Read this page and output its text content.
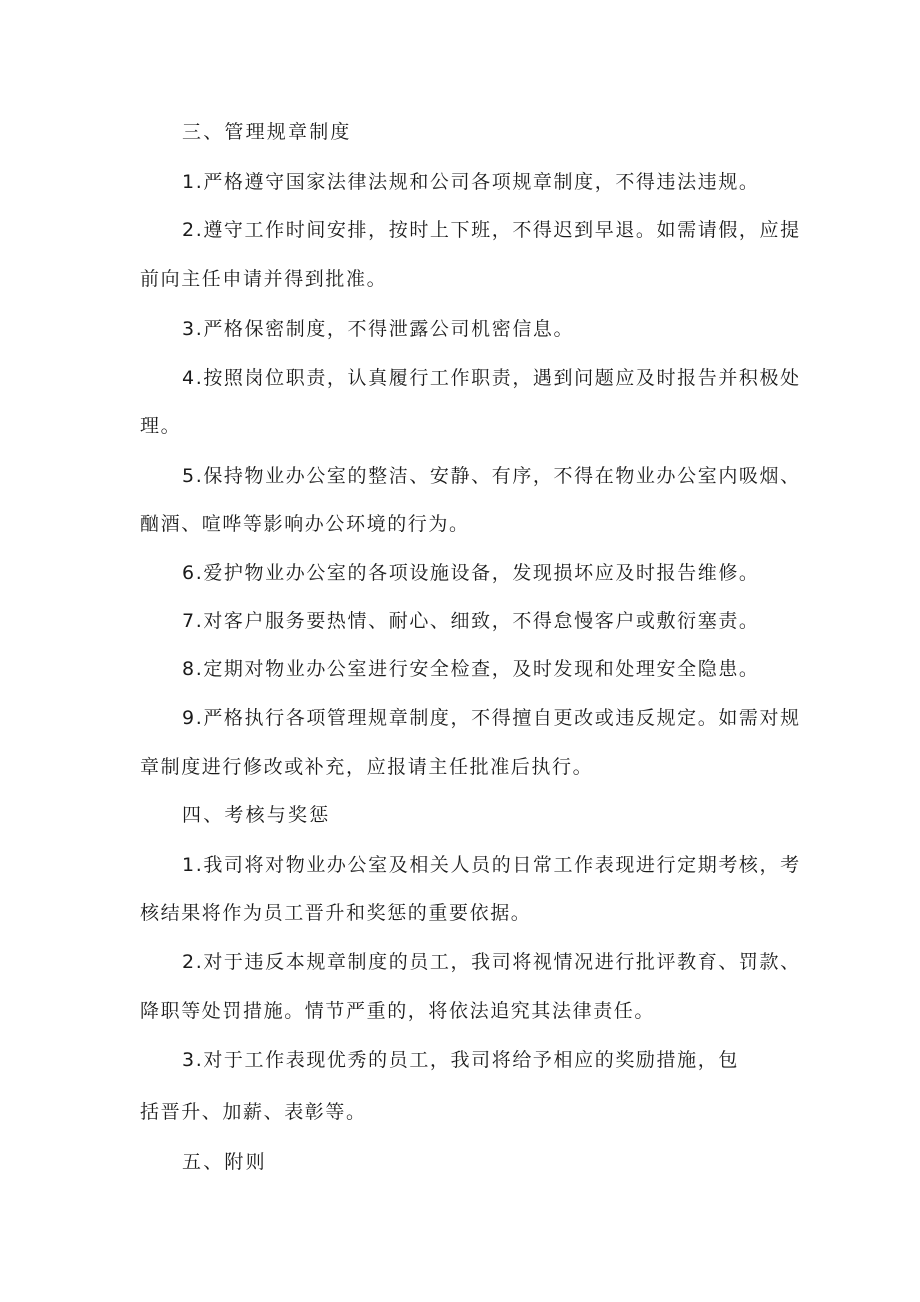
三、管理规章制度
1.严格遵守国家法律法规和公司各项规章制度，不得违法违规。
2.遵守工作时间安排，按时上下班，不得迟到早退。如需请假，应提
前向主任申请并得到批准。
3.严格保密制度，不得泄露公司机密信息。
4.按照岗位职责，认真履行工作职责，遇到问题应及时报告并积极处
理。
5.保持物业办公室的整洁、安静、有序，不得在物业办公室内吸烟、
酗酒、喧哗等影响办公环境的行为。
6.爱护物业办公室的各项设施设备，发现损坏应及时报告维修。
7.对客户服务要热情、耐心、细致，不得怠慢客户或敷衍塞责。
8.定期对物业办公室进行安全检查，及时发现和处理安全隐患。
9.严格执行各项管理规章制度，不得擅自更改或违反规定。如需对规
章制度进行修改或补充，应报请主任批准后执行。
四、考核与奖惩
1.我司将对物业办公室及相关人员的日常工作表现进行定期考核，考
核结果将作为员工晋升和奖惩的重要依据。
2.对于违反本规章制度的员工，我司将视情况进行批评教育、罚款、
降职等处罚措施。情节严重的，将依法追究其法律责任。
3.对于工作表现优秀的员工，我司将给予相应的奖励措施，包
括晋升、加薪、表彰等。
五、附则
